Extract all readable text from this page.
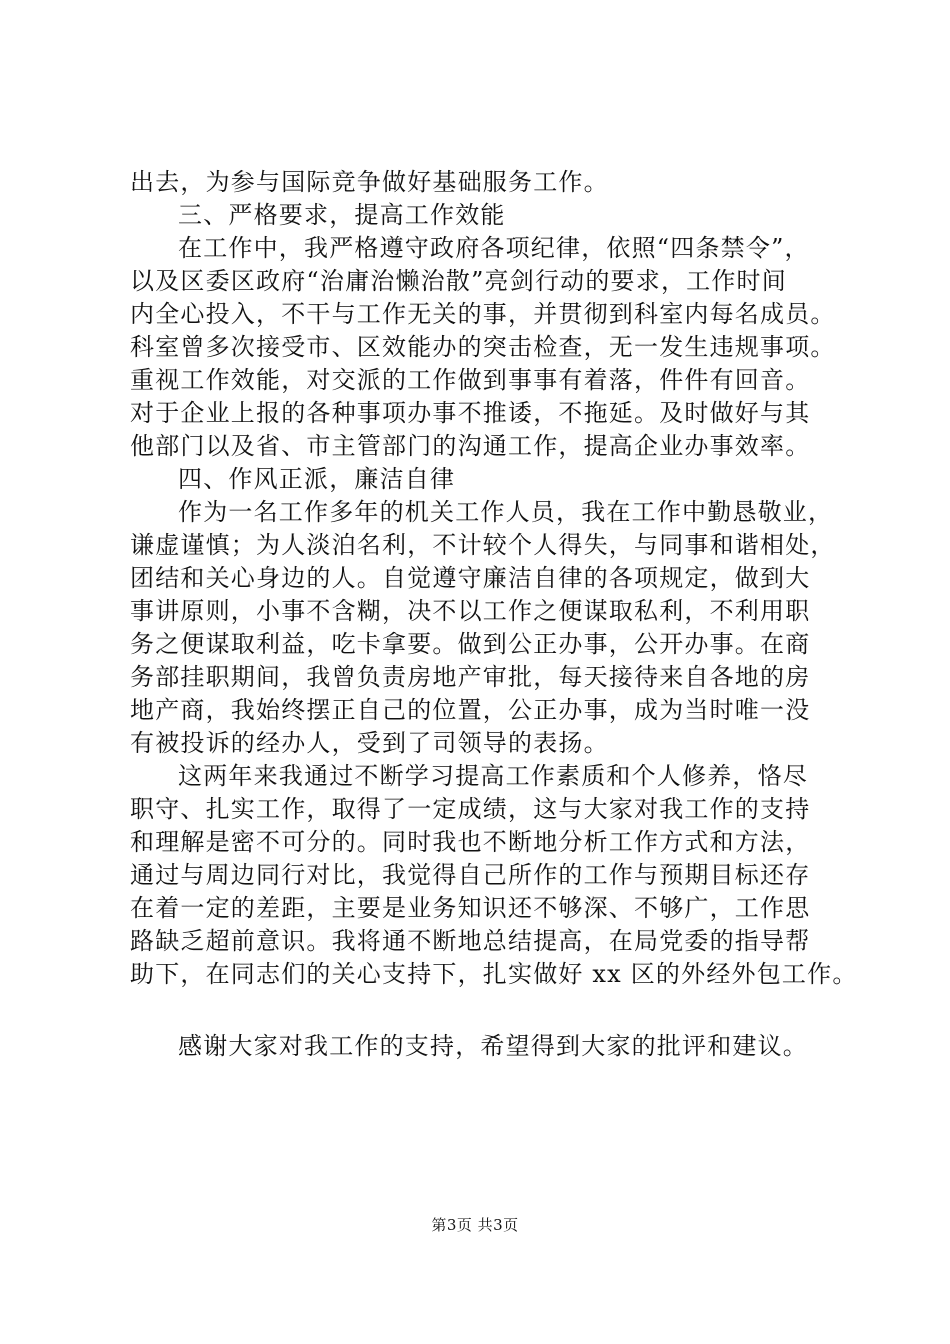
出去，为参与国际竞争做好基础服务工作。
三、严格要求，提高工作效能
在工作中，我严格遵守政府各项纪律，依照“四条禁令”，
以及区委区政府“治庸治懒治散”亮剑行动的要求，工作时间
内全心投入，不干与工作无关的事，并贯彻到科室内每名成员。
科室曾多次接受市、区效能办的突击检查，无一发生违规事项。
重视工作效能，对交派的工作做到事事有着落，件件有回音。
对于企业上报的各种事项办事不推诿，不拖延。及时做好与其
他部门以及省、市主管部门的沟通工作，提高企业办事效率。
四、作风正派，廉洁自律
作为一名工作多年的机关工作人员，我在工作中勤恳敬业，
谦虚谨慎；为人淡泊名利，不计较个人得失，与同事和谐相处，
团结和关心身边的人。自觉遵守廉洁自律的各项规定，做到大
事讲原则，小事不含糊，决不以工作之便谋取私利，不利用职
务之便谋取利益，吃卡拿要。做到公正办事，公开办事。在商
务部挂职期间，我曾负责房地产审批，每天接待来自各地的房
地产商，我始终摆正自己的位置，公正办事，成为当时唯一没
有被投诉的经办人，受到了司领导的表扬。
这两年来我通过不断学习提高工作素质和个人修养，恪尽
职守、扎实工作，取得了一定成绩，这与大家对我工作的支持
和理解是密不可分的。同时我也不断地分析工作方式和方法，
通过与周边同行对比，我觉得自己所作的工作与预期目标还存
在着一定的差距，主要是业务知识还不够深、不够广，工作思
路缺乏超前意识。我将通不断地总结提高，在局党委的指导帮
助下，在同志们的关心支持下，扎实做好 xx 区的外经外包工作。
感谢大家对我工作的支持，希望得到大家的批评和建议。
第3页 共3页
